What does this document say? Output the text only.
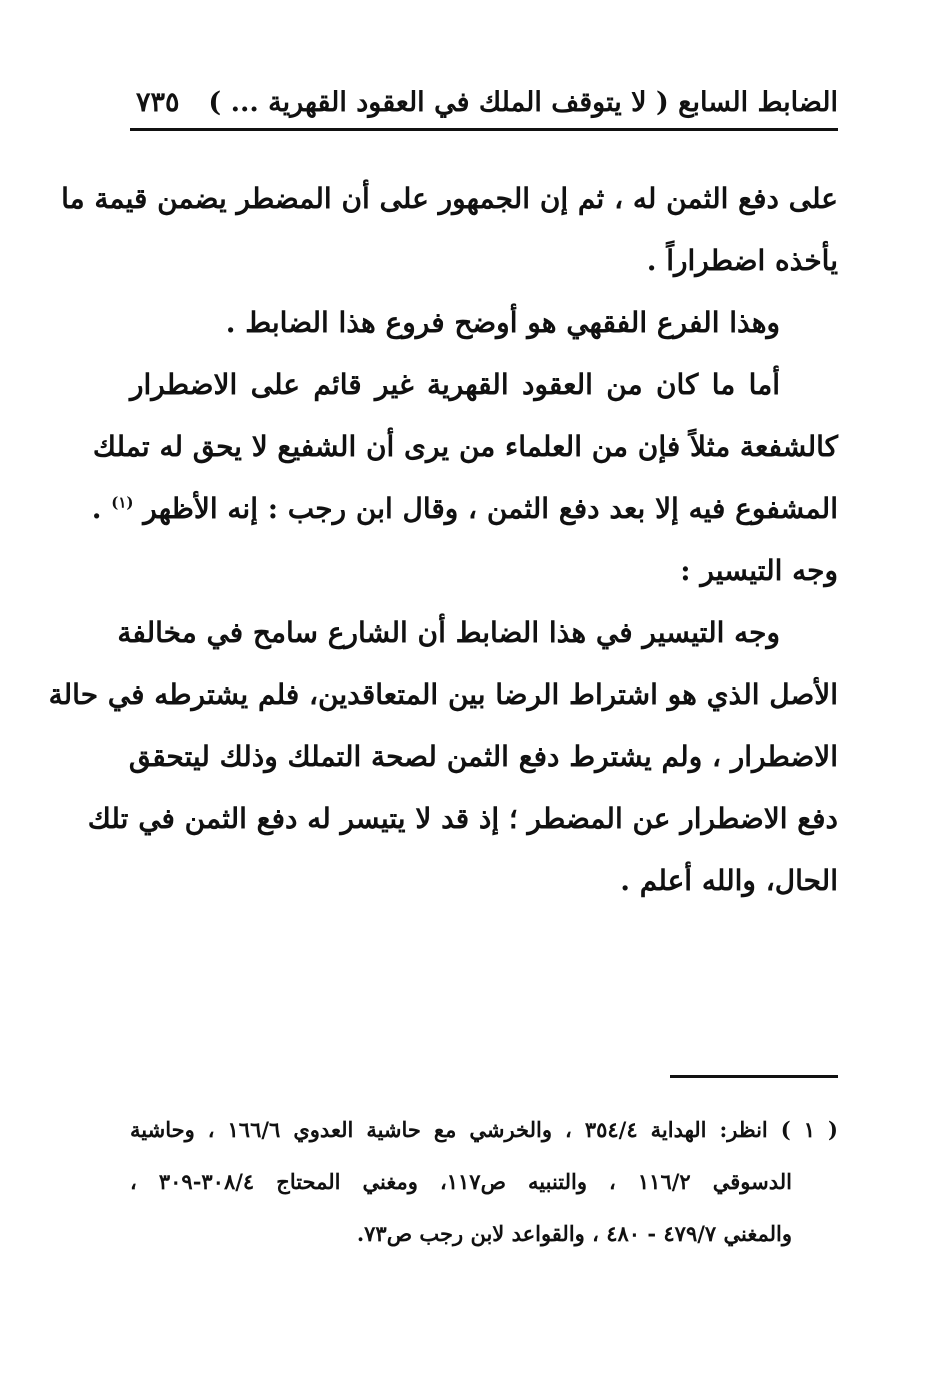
الضابط السابع ( لا يتوقف الملك في العقود القهرية ... )
٧٣٥
على دفع الثمن له ، ثم إن الجمهور على أن المضطر يضمن قيمة ما
يأخذه اضطراراً .
وهذا الفرع الفقهي هو أوضح فروع هذا الضابط .
أما ما كان من العقود القهرية غير قائم على الاضطرار
كالشفعة مثلاً فإن من العلماء من يرى أن الشفيع لا يحق له تملك
المشفوع فيه إلا بعد دفع الثمن ، وقال ابن رجب : إنه الأظهر $^{(١)}$ .
وجه التيسير :
وجه التيسير في هذا الضابط أن الشارع سامح في مخالفة
الأصل الذي هو اشتراط الرضا بين المتعاقدين، فلم يشترطه في حالة
الاضطرار ، ولم يشترط دفع الثمن لصحة التملك وذلك ليتحقق
دفع الاضطرار عن المضطر ؛ إذ قد لا يتيسر له دفع الثمن في تلك
الحال، والله أعلم .
( ١ ) انظر: الهداية ٣٥٤/٤ ، والخرشي مع حاشية العدوي ١٦٦/٦ ، وحاشية
الدسوقي ١١٦/٢ ، والتنبيه ص١١٧، ومغني المحتاج ٣٠٨/٤-٣٠٩ ،
والمغني ٤٧٩/٧ - ٤٨٠ ، والقواعد لابن رجب ص٧٣.
